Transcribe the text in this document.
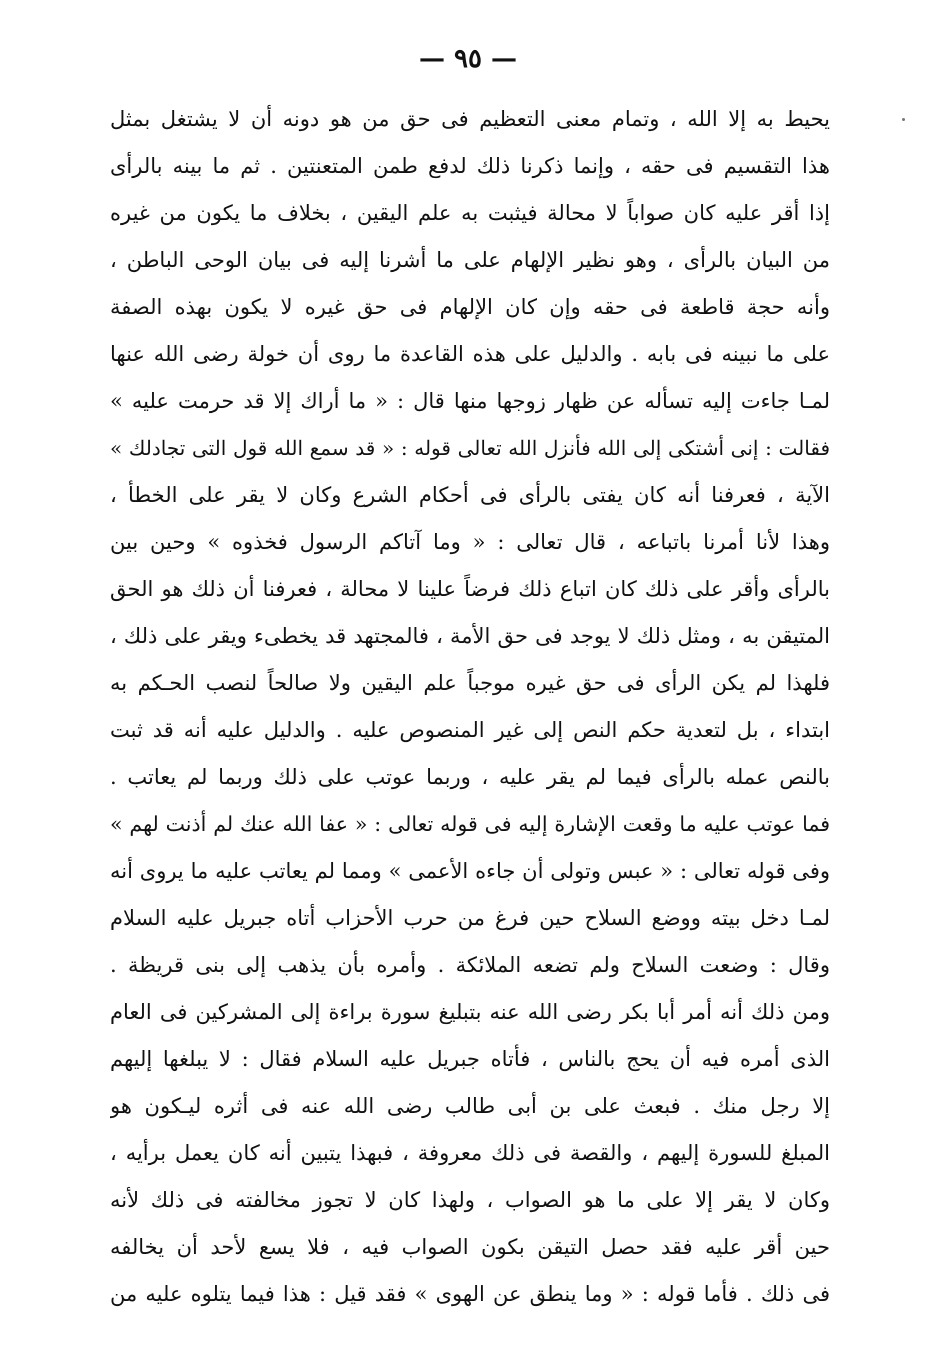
— ٩٥ —
يحيط به إلا الله ، وتمام معنى التعظيم فى حق من هو دونه أن لا يشتغل بمثل
هذا التقسيم فى حقه ، وإنما ذكرنا ذلك لدفع طمن المتعنتين . ثم ما بينه بالرأى
إذا أقر عليه كان صواباً لا محالة فيثبت به علم اليقين ، بخلاف ما يكون من غيره
من البيان بالرأى ، وهو نظير الإلهام على ما أشرنا إليه فى بيان الوحى الباطن ،
وأنه حجة قاطعة فى حقه وإن كان الإلهام فى حق غيره لا يكون بهذه الصفة
على ما نبينه فى بابه . والدليل على هذه القاعدة ما روى أن خولة رضى الله عنها
لمـا جاءت إليه تسأله عن ظهار زوجها منها قال : « ما أراك إلا قد حرمت عليه »
فقالت : إنى أشتكى إلى الله فأنزل الله تعالى قوله : « قد سمع الله قول التى تجادلك »
الآية ، فعرفنا أنه كان يفتى بالرأى فى أحكام الشرع وكان لا يقر على الخطأ ،
وهذا لأنا أمرنا باتباعه ، قال تعالى : « وما آتاكم الرسول فخذوه » وحين بين
بالرأى وأقر على ذلك كان اتباع ذلك فرضاً علينا لا محالة ، فعرفنا أن ذلك هو الحق
المتيقن به ، ومثل ذلك لا يوجد فى حق الأمة ، فالمجتهد قد يخطىء ويقر على ذلك ،
فلهذا لم يكن الرأى فى حق غيره موجباً علم اليقين ولا صالحاً لنصب الحـكم به
ابتداء ، بل لتعدية حكم النص إلى غير المنصوص عليه . والدليل عليه أنه قد ثبت
بالنص عمله بالرأى فيما لم يقر عليه ، وربما عوتب على ذلك وربما لم يعاتب .
فما عوتب عليه ما وقعت الإشارة إليه فى قوله تعالى : « عفا الله عنك لم أذنت لهم »
وفى قوله تعالى : « عبس وتولى أن جاءه الأعمى » ومما لم يعاتب عليه ما يروى أنه
لمـا دخل بيته ووضع السلاح حين فرغ من حرب الأحزاب أتاه جبريل عليه السلام
وقال : وضعت السلاح ولم تضعه الملائكة . وأمره بأن يذهب إلى بنى قريظة .
ومن ذلك أنه أمر أبا بكر رضى الله عنه بتبليغ سورة براءة إلى المشركين فى العام
الذى أمره فيه أن يحج بالناس ، فأتاه جبريل عليه السلام فقال : لا يبلغها إليهم
إلا رجل منك . فبعث على بن أبى طالب رضى الله عنه فى أثره ليـكون هو
المبلغ للسورة إليهم ، والقصة فى ذلك معروفة ، فبهذا يتبين أنه كان يعمل برأيه ،
وكان لا يقر إلا على ما هو الصواب ، ولهذا كان لا تجوز مخالفته فى ذلك لأنه
حين أقر عليه فقد حصل التيقن بكون الصواب فيه ، فلا يسع لأحد أن يخالفه
فى ذلك . فأما قوله : « وما ينطق عن الهوى » فقد قيل : هذا فيما يتلوه عليه من
